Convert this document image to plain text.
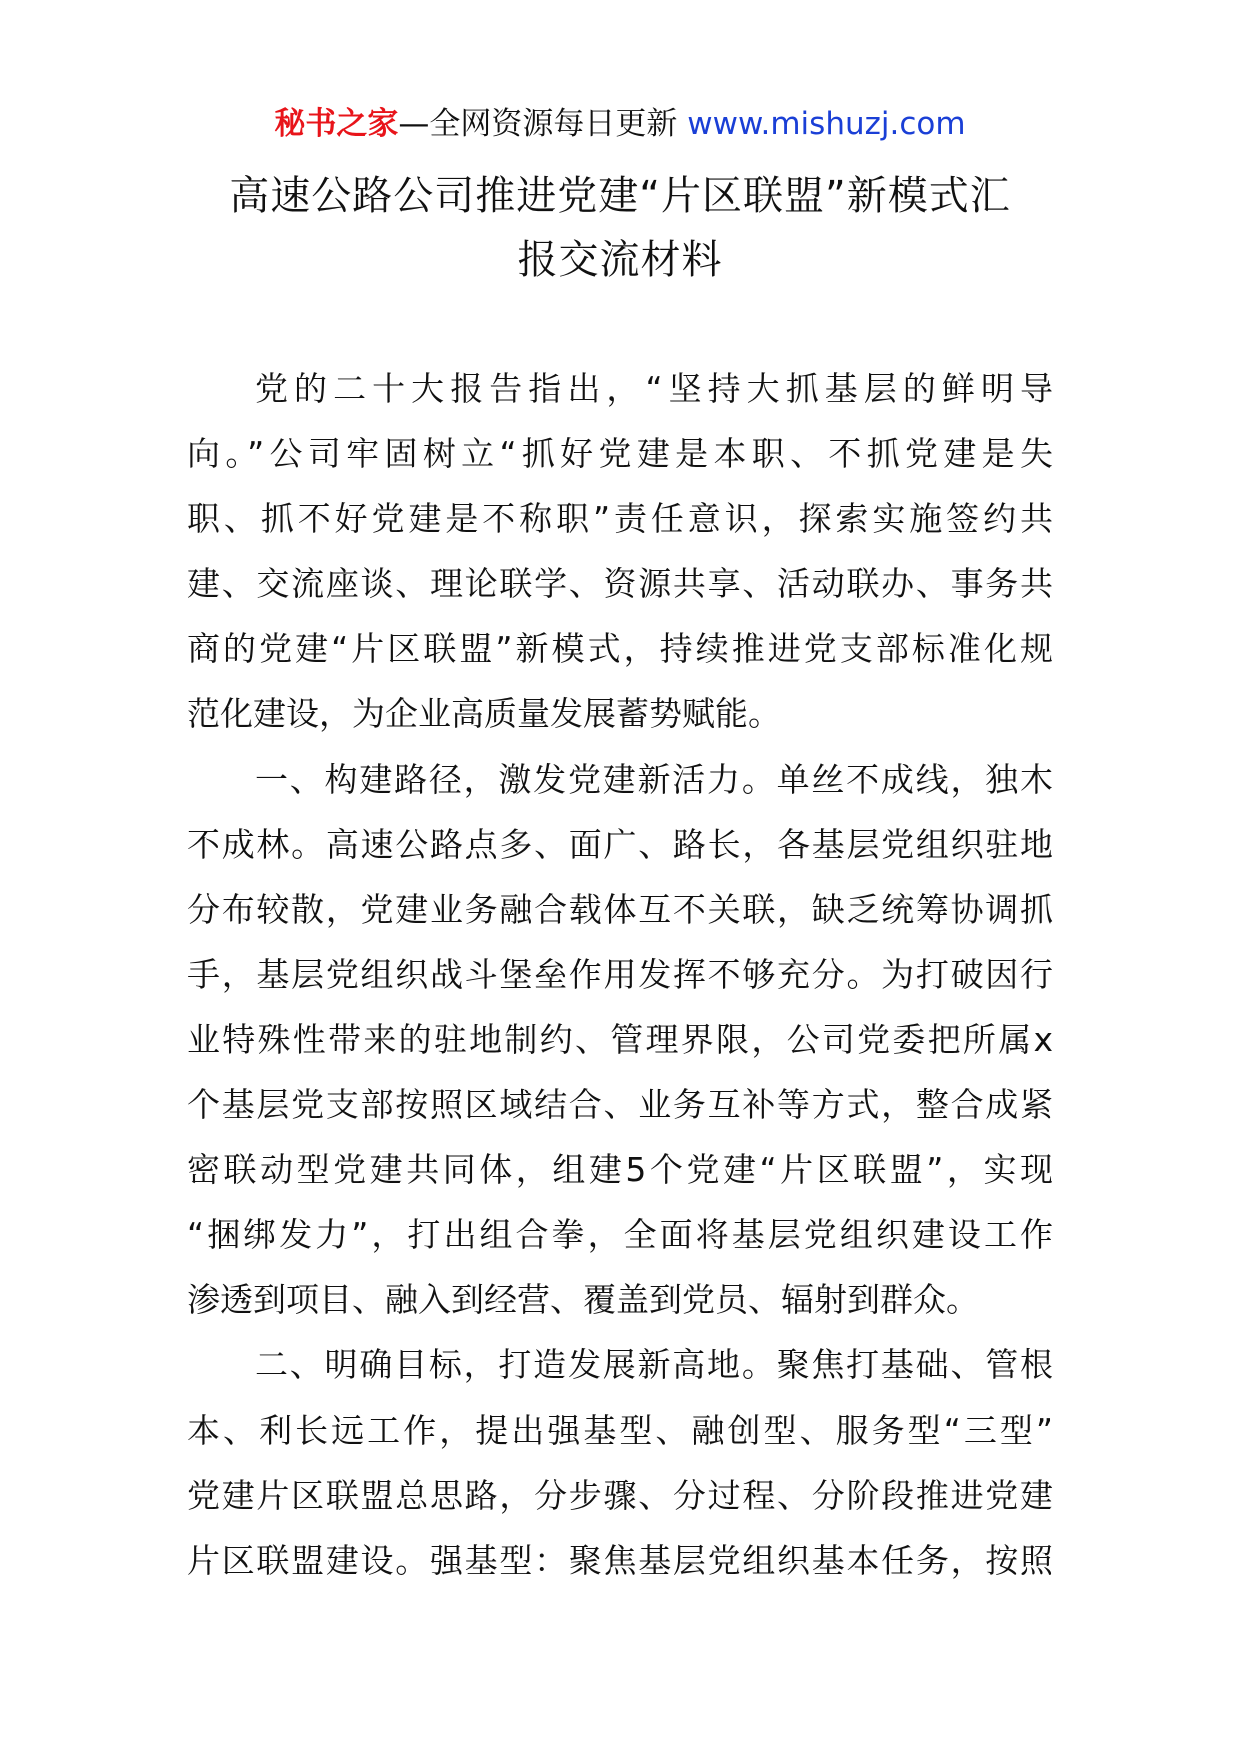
秘书之家—全网资源每日更新 www.mishuzj.com
高速公路公司推进党建“片区联盟”新模式汇
报交流材料
党的二十大报告指出，“坚持大抓基层的鲜明导
向。”公司牢固树立“抓好党建是本职、不抓党建是失
职、抓不好党建是不称职”责任意识，探索实施签约共
建、交流座谈、理论联学、资源共享、活动联办、事务共
商的党建“片区联盟”新模式，持续推进党支部标准化规
范化建设，为企业高质量发展蓄势赋能。
一、构建路径，激发党建新活力。单丝不成线，独木
不成林。高速公路点多、面广、路长，各基层党组织驻地
分布较散，党建业务融合载体互不关联，缺乏统筹协调抓
手，基层党组织战斗堡垒作用发挥不够充分。为打破因行
业特殊性带来的驻地制约、管理界限，公司党委把所属x
个基层党支部按照区域结合、业务互补等方式，整合成紧
密联动型党建共同体，组建5个党建“片区联盟”，实现
“捆绑发力”，打出组合拳，全面将基层党组织建设工作
渗透到项目、融入到经营、覆盖到党员、辐射到群众。
二、明确目标，打造发展新高地。聚焦打基础、管根
本、利长远工作，提出强基型、融创型、服务型“三型”
党建片区联盟总思路，分步骤、分过程、分阶段推进党建
片区联盟建设。强基型：聚焦基层党组织基本任务，按照
